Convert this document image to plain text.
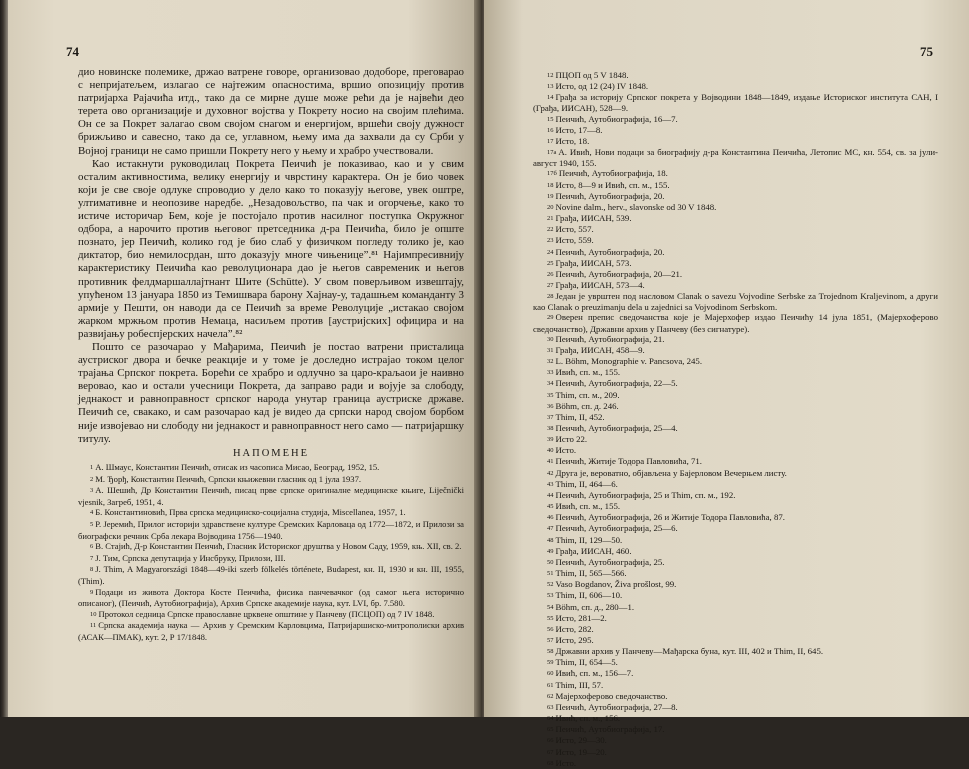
74

дио новинске полемике, држао ватрене говоре, организовао додобоpe, преговарао с непријатељем, излагао се најтежим опасностима, вршио опозицију против патријарха Рајачића итд., тако да се мирне душе може рећи да је највећи део терета ово организације и духовног војства у Покрету носио на својим плећима. Он се за Покрет залагао свом својом снагом и енергијом, вршећи своју дужност брижљиво и савесно, тако да се, углавном, њему има да захвали да су Срби у Војној граници не само пришли Покрету него у њему и храбро учествовали.

Као истакнути руководилац Покрета Пеичић је показивао, као и у свим осталим активностима, велику енергију и чврстину карактера. Он је био човек који је све своје одлуке спроводио у дело како то показују његове, увек оштре, ултимативне и неопозиве наредбе. „Незадовољство, па чак и огорчење, како то истиче историчар Бем, које је постојало против насилног поступка Окружног одбора, а нарочито против његовог претседника д-ра Пеичића, било је опште познато, јер Пеичић, колико год је био слаб у физичком погледу толико је, као диктатор, био немилосрдан, што доказују многе чињенице”.⁸¹ Најимпресивнију карактеристику Пеичића као револуционара дао је његов савременик и његов противник фелдмаршаллајтнант Шите (Schütte). У свом поверљивом извештају, упућеном 13 јануара 1850 из Темишвара барону Хајнау-у, тадашњем команданту 3 армије у Пешти, он наводи да се Пеичић за време Револуције „истакао својом жарком мржњом против Немаца, насиљем против [аустријских] официра и на развијању робеспјерских начела”.⁸²

Пошто се разочарао у Мађарима, Пеичић је постао ватрени присталица аустриског двора и бечке реакције и у томе је доследно истрајао током целог трајања Српског покрета. Борећи се храбро и одлучно за царо-краљаои је наивно веровао, као и остали учесници Покрета, да заправо ради и војује за слободу, једнакост и равноправност српског народа унутар граница аустриске државе. Пеичић се, свакако, и сам разочарао кад је видео да српски народ својом борбом није извојевао ни слободу ни једнакост и равноправност него само — патријаршку титулу.

НАПОМЕНЕ

1 А. Шмаус, Константин Пеичић, отисак из часописа Мисао, Београд, 1952, 15.

2 М. Ђорђ, Константин Пеичић, Српски књижевни гласник од 1 јула 1937.

3 А. Шешић, Др Константин Пеичић, писац прве српске оригиналне медицинске књиге, Liječnički vjesnik, Загреб, 1951, 4.

4 Б. Константиновић, Прва српска медицинско-социјална студија, Miscellanea, 1957, 1.

5 Р. Јеремић, Прилог историји здравствене културе Сремских Карловаца од 1772—1872, и Прилози за биографски речник Срба лекара Војводина 1756—1940.

6 В. Стајић, Д-р Константин Пеичић, Гласник Историског друштва у Новом Саду, 1959, књ. XII, св. 2.

7 J. Тим, Српска депутација у Инсбруку, Прилози, III.

8 J. Thim, A Magyarországi 1848—49-iki szerb fölkelés története, Budapest, кн. II, 1930 и кн. III, 1955, (Thim).

9 Подаци из живота Доктора Косте Пеичића, фисика панчевачког (од самог њега исторично описаног), (Пеичић, Аутобиографија), Архив Српске академије наука, кут. LVI, бр. 7.580.

10 Протокол седница Српске православне црквене општине у Панчеву (ПСЦОП) од 7 IV 1848.

11 Српска академија наука — Архив у Сремским Карловцима, Патријаршиско-митрополиски архив (АСАК—ПМАК), кут. 2, Р 17/1848.

75

12 ПЦОП од 5 V 1848.

13 Исто, од 12 (24) IV 1848.

14 Грађа за историју Српског покрета у Војводини 1848—1849, издање Историског института САН, I (Грађа, ИИСАН), 528—9.

15 Пеичић, Аутобиографија, 16—7.

16 Исто, 17—8.

17 Исто, 18.

17а А. Ивић, Нови подаци за биографију д-ра Константина Пеичића, Летопис МС, кн. 554, св. за јули-август 1940, 155.

17б Пеичић, Аутобиографија, 18.

18 Исто, 8—9 и Ивић, сп. м., 155.

19 Пеичић, Аутобиографија, 20.

20 Novine dalm., herv., slavonske od 30 V 1848.

21 Грађа, ИИСАН, 539.

22 Исто, 557.

23 Исто, 559.

24 Пеичић, Аутобиографија, 20.

25 Грађа, ИИСАН, 573.

26 Пеичић, Аутобиографија, 20—21.

27 Грађа, ИИСАН, 573—4.

28 Један је уврштен под насловом Clanak o savezu Vojvodine Serbske za Trojednom Kraljevinom, а други као Clanak o preuzimanju dela u zajednici sa Vojvodinom Serbskom.

29 Оверен препис сведочанства које је Мајерхофер издао Пеичићу 14 јула 1851, (Мајерхоферово сведочанство), Државни архив у Панчеву (без сигнатуре).

30 Пеичић, Аутобиографија, 21.

31 Грађа, ИИСАН, 458—9.

32 L. Böhm, Monographie v. Pancsova, 245.

33 Ивић, сп. м., 155.

34 Пеичић, Аутобиографија, 22—5.

35 Thim, сп. м., 209.

36 Böhm, сп. д. 246.

37 Thim, II, 452.

38 Пеичић, Аутобиографија, 25—4.

39 Исто 22.

40 Исто.

41 Пеичић, Житије Тодора Павловића, 71.

42 Друга је, вероватно, објављена у Бајерловом Вечерњем листу.

43 Thim, II, 464—6.

44 Пеичић, Аутобиографија, 25 и Thim, сп. м., 192.

45 Ивић, сп. м., 155.

46 Пеичић, Аутобиографија, 26 и Житије Тодора Павловића, 87.

47 Пеичић, Аутобиографија, 25—6.

48 Thim, II, 129—50.

49 Грађа, ИИСАН, 460.

50 Пеичић, Аутобиографија, 25.

51 Thim, II, 565—566.

52 Vaso Bogdanov, Živa prošlost, 99.

53 Thim, II, 606—10.

54 Böhm, сп. д., 280—1.

55 Исто, 281—2.

56 Исто, 282.

57 Исто, 295.

58 Државни архив у Панчеву—Мађарска буна, кут. III, 402 и Thim, II, 645.

59 Thim, II, 654—5.

60 Ивић, сп. м., 156—7.

61 Thim, III, 57.

62 Мајерхоферово сведочанство.

63 Пеичић, Аутобиографија, 27—8.

64 Ивић, сп. м., 156.

65 Пеичић, Аутобиографија, 17.

66 Исто, 29—30.

67 Исто, 19—20.

68 Исто.
